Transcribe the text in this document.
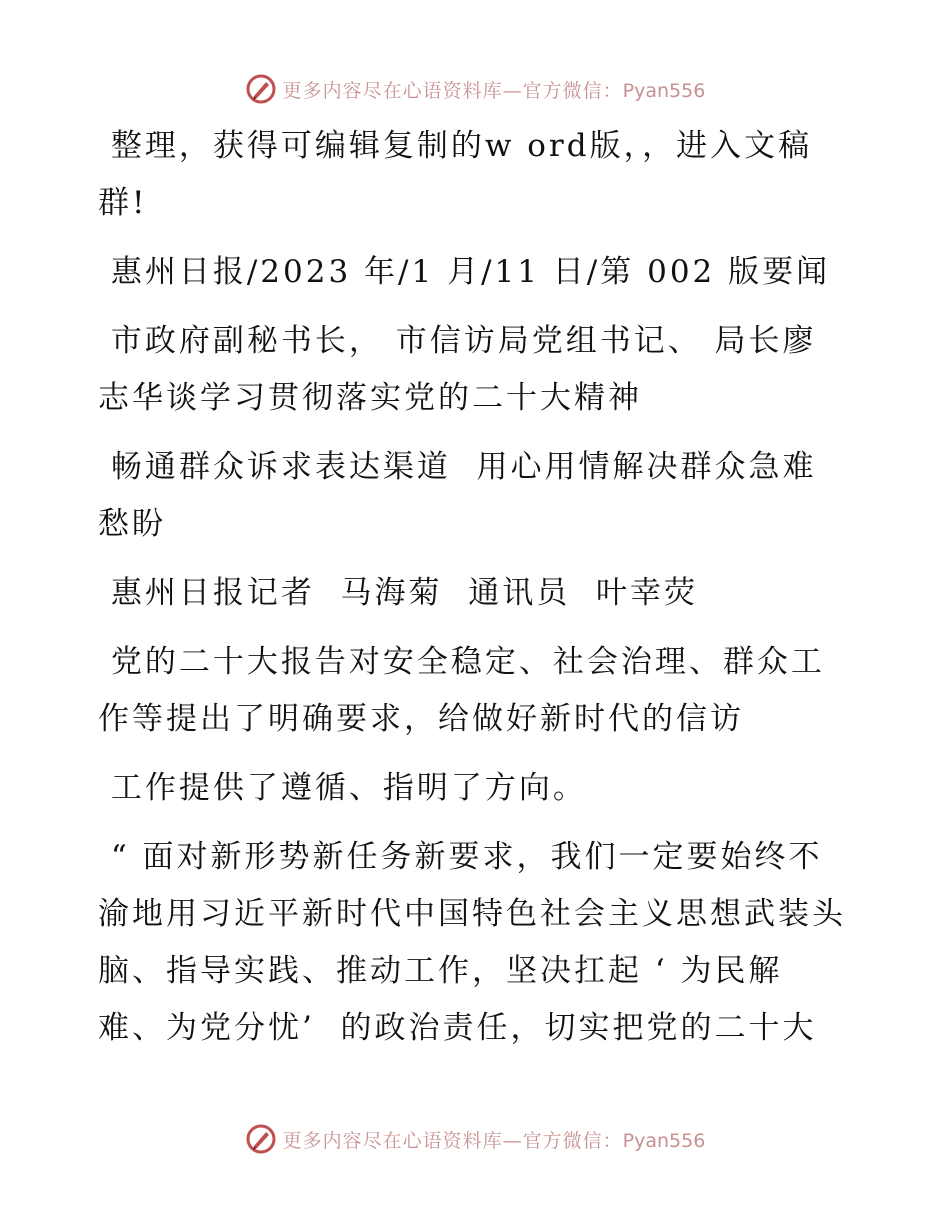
更多内容尽在心语资料库—官方微信：Pyan556

整理，获得可编辑复制的w ord版，，进入文稿
群!

惠州日报/2023 年/1 月/11 日/第 002 版要闻

市政府副秘书长， 市信访局党组书记、 局长廖
志华谈学习贯彻落实党的二十大精神

畅通群众诉求表达渠道  用心用情解决群众急难
愁盼

惠州日报记者  马海菊  通讯员  叶幸荧

党的二十大报告对安全稳定、社会治理、群众工
作等提出了明确要求，给做好新时代的信访

工作提供了遵循、指明了方向。

“ 面对新形势新任务新要求，我们一定要始终不
渝地用习近平新时代中国特色社会主义思想武装头
脑、指导实践、推动工作，坚决扛起 ‘ 为民解
难、为党分忧’  的政治责任，切实把党的二十大

更多内容尽在心语资料库—官方微信：Pyan556
